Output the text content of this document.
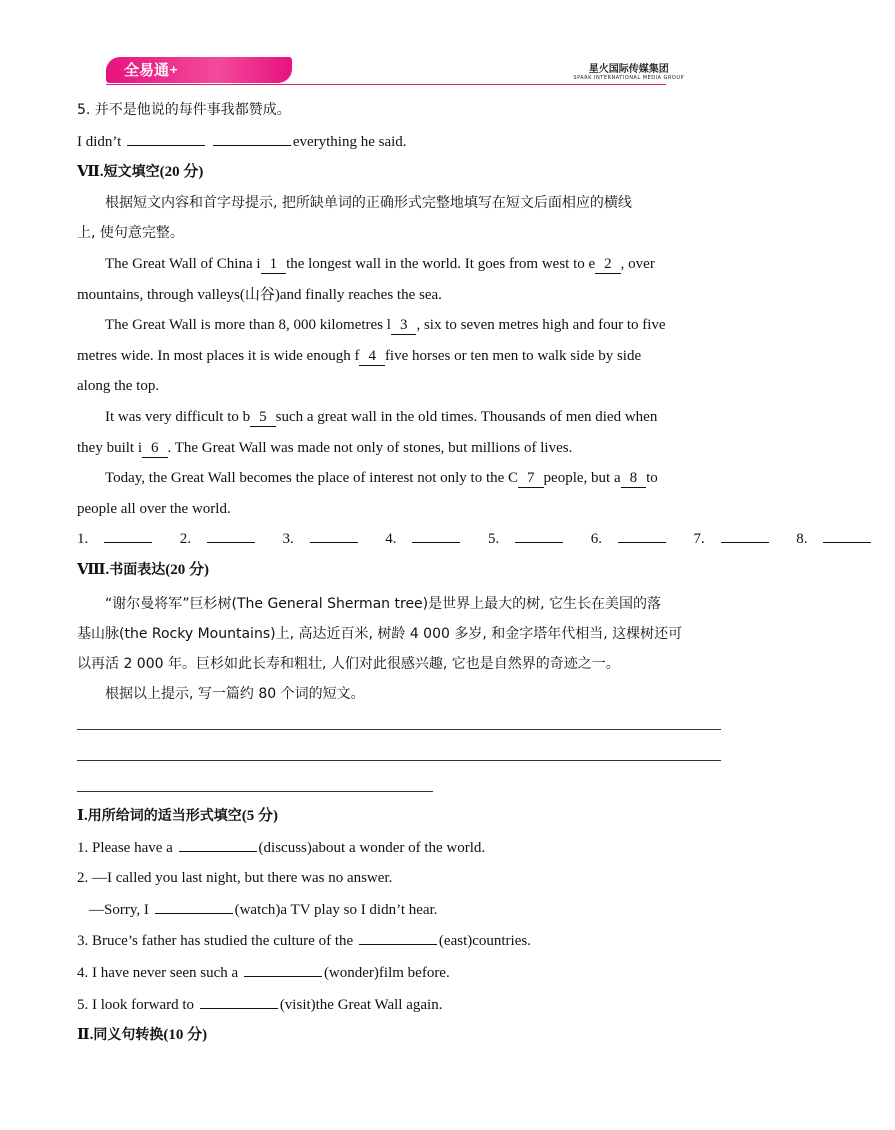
全易通+	星火国际传媒集团
SPARK INTERNATIONAL MEDIA GROUP

5. 并不是他说的每件事我都赞成。

I didn’t	everything he said.

Ⅶ.短文填空(20 分)

根据短文内容和首字母提示, 把所缺单词的正确形式完整地填写在短文后面相应的横线

上, 使句意完整。

The Great Wall of China i 1 the longest wall in the world. It goes from west to e 2 , over

mountains, through valleys(山谷)and finally reaches the sea.

The Great Wall is more than 8, 000 kilometres l 3 , six to seven metres high and four to five

metres wide. In most places it is wide enough f 4 five horses or ten men to walk side by side

along the top.

It was very difficult to b 5 such a great wall in the old times. Thousands of men died when

they built i 6 . The Great Wall was made not only of stones, but millions of lives.

Today, the Great Wall becomes the place of interest not only to the C 7 people, but a 8 to

people all over the world.

1.	2.	3.	4.	5.	6.	7.	8.

Ⅷ.书面表达(20 分)

“谢尔曼将军”巨杉树(The General Sherman tree)是世界上最大的树, 它生长在美国的落

基山脉(the Rocky Mountains)上, 高达近百米, 树龄 4 000 多岁, 和金字塔年代相当, 这棵树还可

以再活 2 000 年。巨杉如此长寿和粗壮, 人们对此很感兴趣, 它也是自然界的奇迹之一。

根据以上提示, 写一篇约 80 个词的短文。

Ⅰ.用所给词的适当形式填空(5 分)

1. Please have a	(discuss)about a wonder of the world.

2. —I called you last night, but there was no answer.

—Sorry, I	(watch)a TV play so I didn’t hear.

3. Bruce’s father has studied the culture of the	(east)countries.

4. I have never seen such a	(wonder)film before.

5. I look forward to	(visit)the Great Wall again.

Ⅱ.同义句转换(10 分)
